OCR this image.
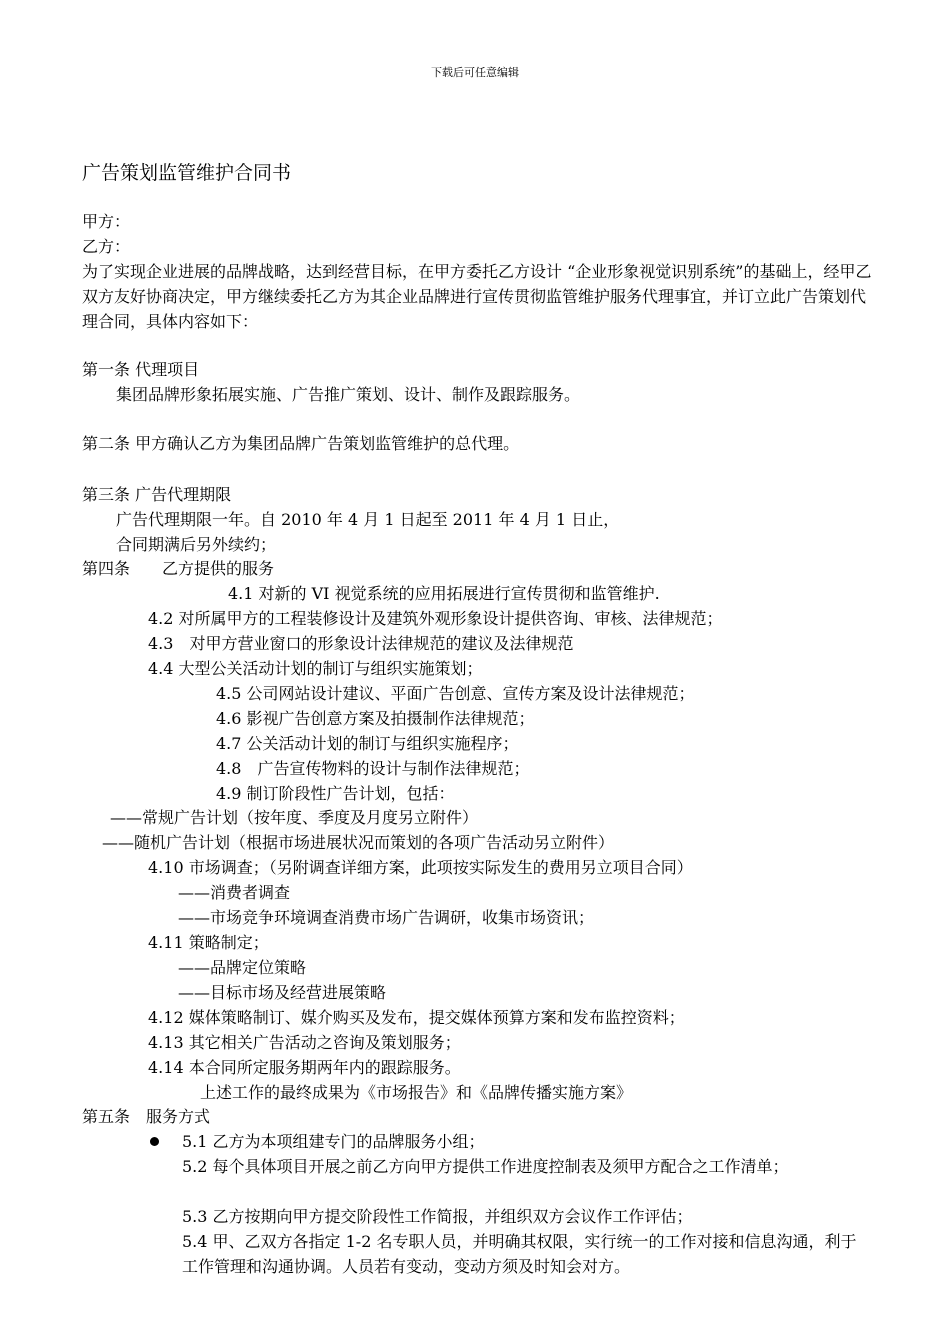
下载后可任意编辑
广告策划监管维护合同书
甲方：
乙方：
为了实现企业进展的品牌战略，达到经营目标，在甲方委托乙方设计 “企业形象视觉识别系统”的基础上，经甲乙双方友好协商决定，甲方继续委托乙方为其企业品牌进行宣传贯彻监管维护服务代理事宜，并订立此广告策划代理合同，具体内容如下：
第一条 代理项目
集团品牌形象拓展实施、广告推广策划、设计、制作及跟踪服务。
第二条 甲方确认乙方为集团品牌广告策划监管维护的总代理。
第三条 广告代理期限
广告代理期限一年。自 2010 年 4 月 1 日起至 2011 年 4 月 1 日止，
合同期满后另外续约；
第四条　　乙方提供的服务
4.1 对新的 VI 视觉系统的应用拓展进行宣传贯彻和监管维护.
4.2 对所属甲方的工程装修设计及建筑外观形象设计提供咨询、审核、法律规范；
4.3　对甲方营业窗口的形象设计法律规范的建议及法律规范
4.4 大型公关活动计划的制订与组织实施策划；
4.5 公司网站设计建议、平面广告创意、宣传方案及设计法律规范；
4.6 影视广告创意方案及拍摄制作法律规范；
4.7 公关活动计划的制订与组织实施程序；
4.8　广告宣传物料的设计与制作法律规范；
4.9 制订阶段性广告计划，包括：
——常规广告计划（按年度、季度及月度另立附件）
——随机广告计划（根据市场进展状况而策划的各项广告活动另立附件）
4.10 市场调查；（另附调查详细方案，此项按实际发生的费用另立项目合同）
——消费者调查
——市场竞争环境调查消费市场广告调研，收集市场资讯；
4.11 策略制定；
——品牌定位策略
——目标市场及经营进展策略
4.12 媒体策略制订、媒介购买及发布，提交媒体预算方案和发布监控资料；
4.13 其它相关广告活动之咨询及策划服务；
4.14 本合同所定服务期两年内的跟踪服务。
上述工作的最终成果为《市场报告》和《品牌传播实施方案》
第五条　服务方式
5.1 乙方为本项组建专门的品牌服务小组；
5.2 每个具体项目开展之前乙方向甲方提供工作进度控制表及须甲方配合之工作清单；
5.3 乙方按期向甲方提交阶段性工作简报，并组织双方会议作工作评估；
5.4 甲、乙双方各指定 1-2 名专职人员，并明确其权限，实行统一的工作对接和信息沟通，利于工作管理和沟通协调。人员若有变动，变动方须及时知会对方。
